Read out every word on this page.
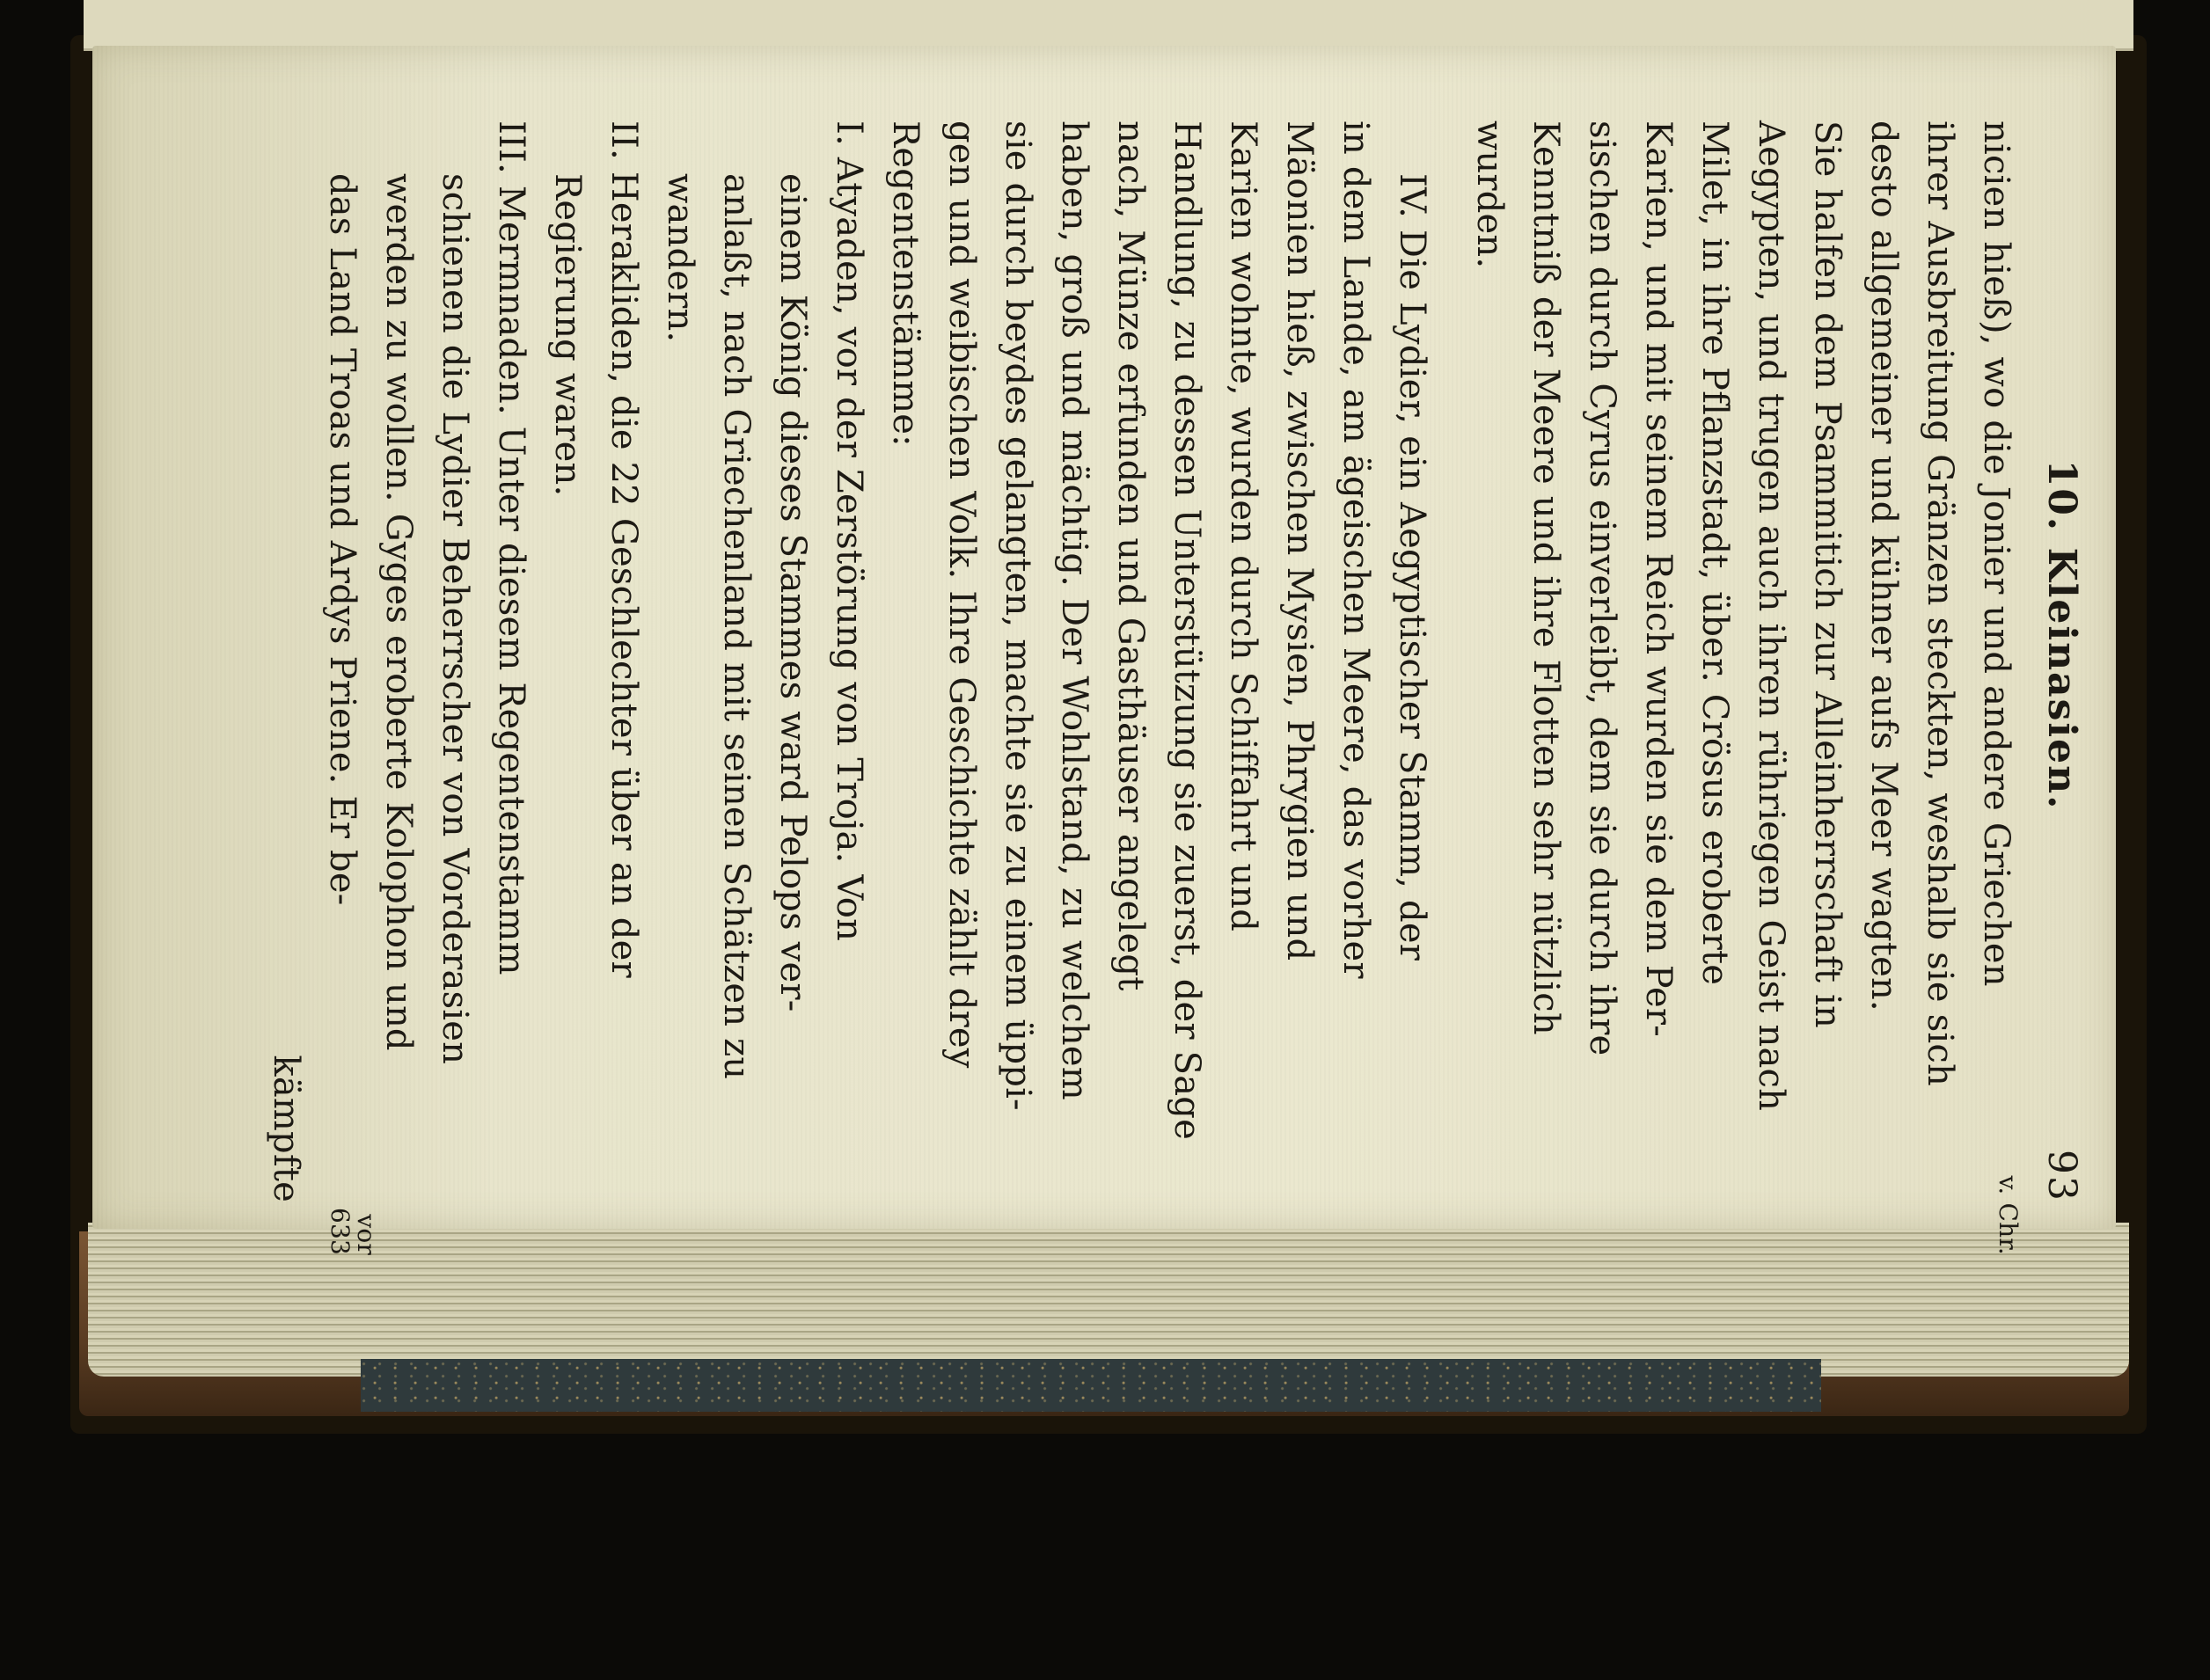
10. Kleinasien.
93
v. Chr.

nicien hieß), wo die Jonier und andere Griechen

ihrer Ausbreitung Gränzen steckten, weshalb sie sich

desto allgemeiner und kühner aufs Meer wagten.

Sie halfen dem Psammitich zur Alleinherrschaft in

Aegypten, und trugen auch ihren rühriegen Geist nach

Milet, in ihre Pflanzstadt, über. Crösus eroberte

Karien, und mit seinem Reich wurden sie dem Per-

sischen durch Cyrus einverleibt, dem sie durch ihre

Kenntniß der Meere und ihre Flotten sehr nützlich

wurden.

IV. Die Lydier, ein Aegyptischer Stamm, der

in dem Lande, am ägeischen Meere, das vorher

Mäonien hieß, zwischen Mysien, Phrygien und

Karien wohnte, wurden durch Schiffahrt und

Handlung, zu dessen Unterstützung sie zuerst, der Sage

nach, Münze erfunden und Gasthäuser angelegt

haben, groß und mächtig. Der Wohlstand, zu welchem

sie durch beydes gelangten, machte sie zu einem üppi-

gen und weibischen Volk. Ihre Geschichte zählt drey

Regentenstämme:

I. Atyaden, vor der Zerstörung von Troja. Von

einem König dieses Stammes ward Pelops ver-

anlaßt, nach Griechenland mit seinen Schätzen zu

wandern.

II. Herakliden, die 22 Geschlechter über an der

Regierung waren.

III. Mermnaden. Unter diesem Regentenstamm

schienen die Lydier Beherrscher von Vorderasien

werden zu wollen. Gyges eroberte Kolophon und

das Land Troas und Ardys Priene. Er be-

vor
633
kämpfte
